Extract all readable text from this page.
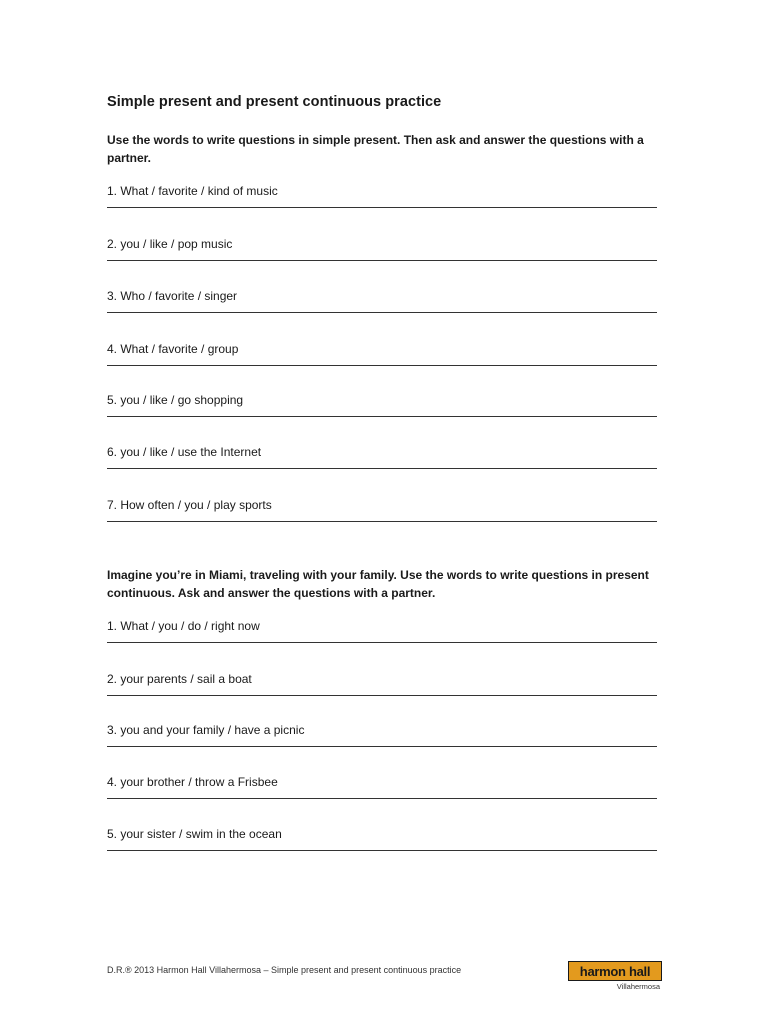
Simple present and present continuous practice

Use the words to write questions in simple present. Then ask and answer the questions with a partner.

1. What / favorite / kind of music
2. you / like / pop music
3. Who / favorite / singer
4. What / favorite / group
5. you / like / go shopping
6. you / like / use the Internet
7. How often / you / play sports

Imagine you’re in Miami, traveling with your family. Use the words to write questions in present continuous. Ask and answer the questions with a partner.

1. What / you / do / right now
2. your parents / sail a boat
3. you and your family / have a picnic
4. your brother / throw a Frisbee
5. your sister / swim in the ocean
D.R.® 2013 Harmon Hall Villahermosa – Simple present and present continuous practice	harmon hall
Villahermosa
